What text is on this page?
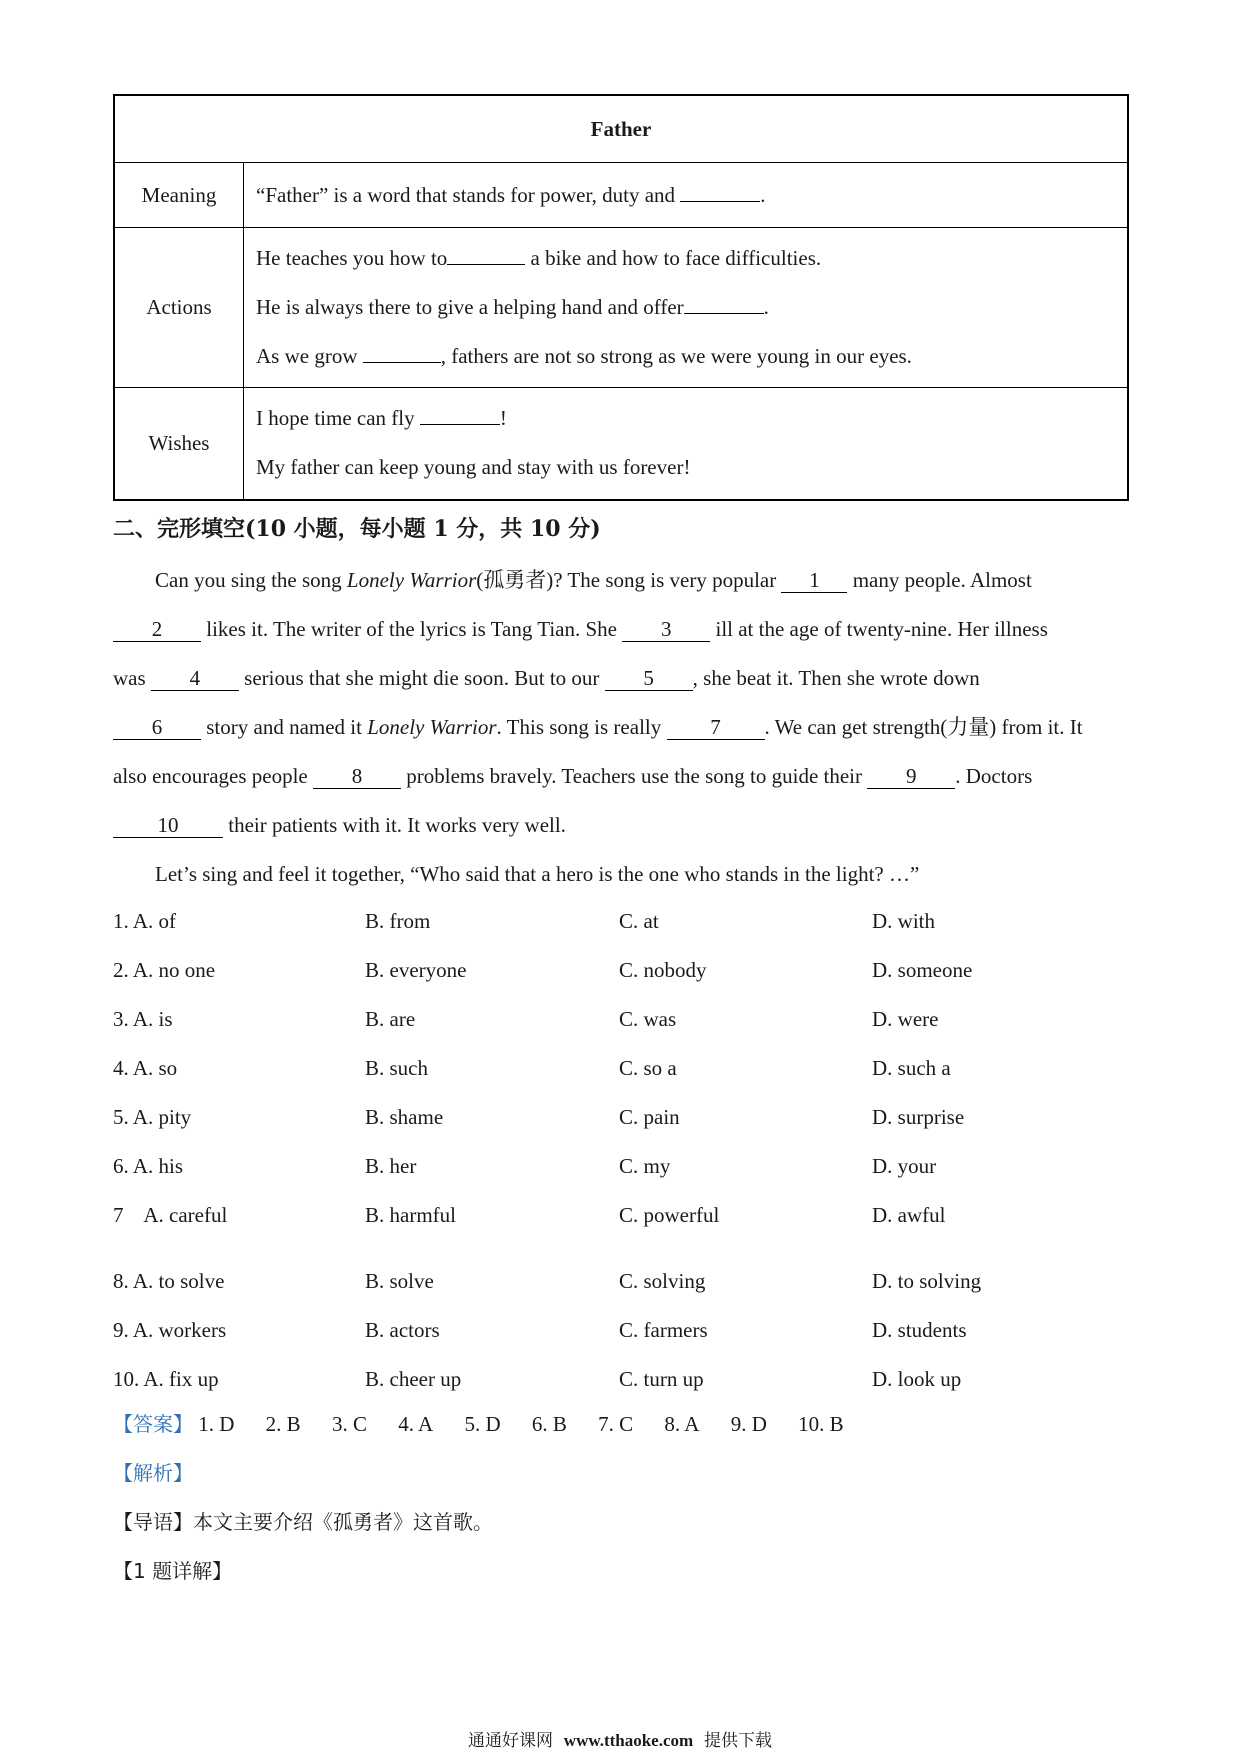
Father	
Meaning	“Father” is a word that stands for power, duty and .

Actions	He teaches you how to a bike and how to face difficulties.
He is always there to give a helping hand and offer .
As we grow , fathers are not so strong as we were young in our eyes.

Wishes	I hope time can fly !
My father can keep young and stay with us forever!
二、完形填空(10 小题，每小题 1 分，共 10 分)
Can you sing the song Lonely Warrior(孤勇者)? The song is very popular 1 many people. Almost
2 likes it. The writer of the lyrics is Tang Tian. She 3 ill at the age of twenty-nine. Her illness
was 4 serious that she might die soon. But to our 5 , she beat it. Then she wrote down
6 story and named it Lonely Warrior. This song is really 7 . We can get strength(力量) from it. It
also encourages people 8 problems bravely. Teachers use the song to guide their 9 . Doctors
10 their patients with it. It works very well.
Let’s sing and feel it together, “Who said that a hero is the one who stands in the light? …”
1. A. of	B. from	C. at	D. with
2. A. no one	B. everyone	C. nobody	D. someone
3. A. is	B. are	C. was	D. were
4. A. so	B. such	C. so a	D. such a
5. A. pity	B. shame	C. pain	D. surprise
6. A. his	B. her	C. my	D. your
7    A. careful	B. harmful	C. powerful	D. awful
8. A. to solve	B. solve	C. solving	D. to solving
9. A. workers	B. actors	C. farmers	D. students
10. A. fix up	B. cheer up	C. turn up	D. look up
【答案】 1. D 2. B 3. C 4. A 5. D 6. B 7. C 8. A 9. D 10. B
【解析】
【导语】本文主要介绍《孤勇者》这首歌。
【1 题详解】
通通好课网 www.tthaoke.com 提供下载
